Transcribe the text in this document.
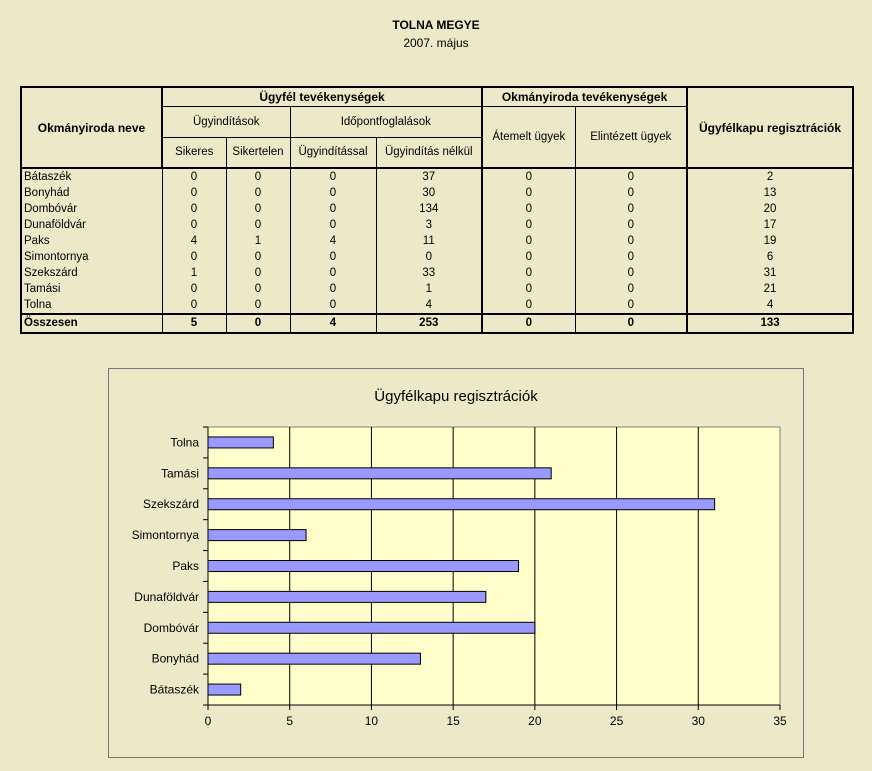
TOLNA MEGYE
2007. május
Okmányiroda neve	Ügyfél tevékenységek				Okmányiroda tevékenységek		Ügyfélkapu regisztrációk
	Ügyindítások		Időpontfoglalások		Átemelt ügyek	Elintézett ügyek	
	Sikeres	Sikertelen	Ügyindítással	Ügyindítás nélkül			
Bátaszék	0	0	0	37	0	0	2
Bonyhád	0	0	0	30	0	0	13
Dombóvár	0	0	0	134	0	0	20
Dunaföldvár	0	0	0	3	0	0	17
Paks	4	1	4	11	0	0	19
Simontornya	0	0	0	0	0	0	6
Szekszárd	1	0	0	33	0	0	31
Tamási	0	0	0	1	0	0	21
Tolna	0	0	0	4	0	0	4
Összesen	5	0	4	253	0	0	133
Ügyfélkapu regisztrációk
0	5	10	15	20	25	30	35
Bátaszék
Bonyhád
Dombóvár
Dunaföldvár
Paks
Simontornya
Szekszárd
Tamási
Tolna
